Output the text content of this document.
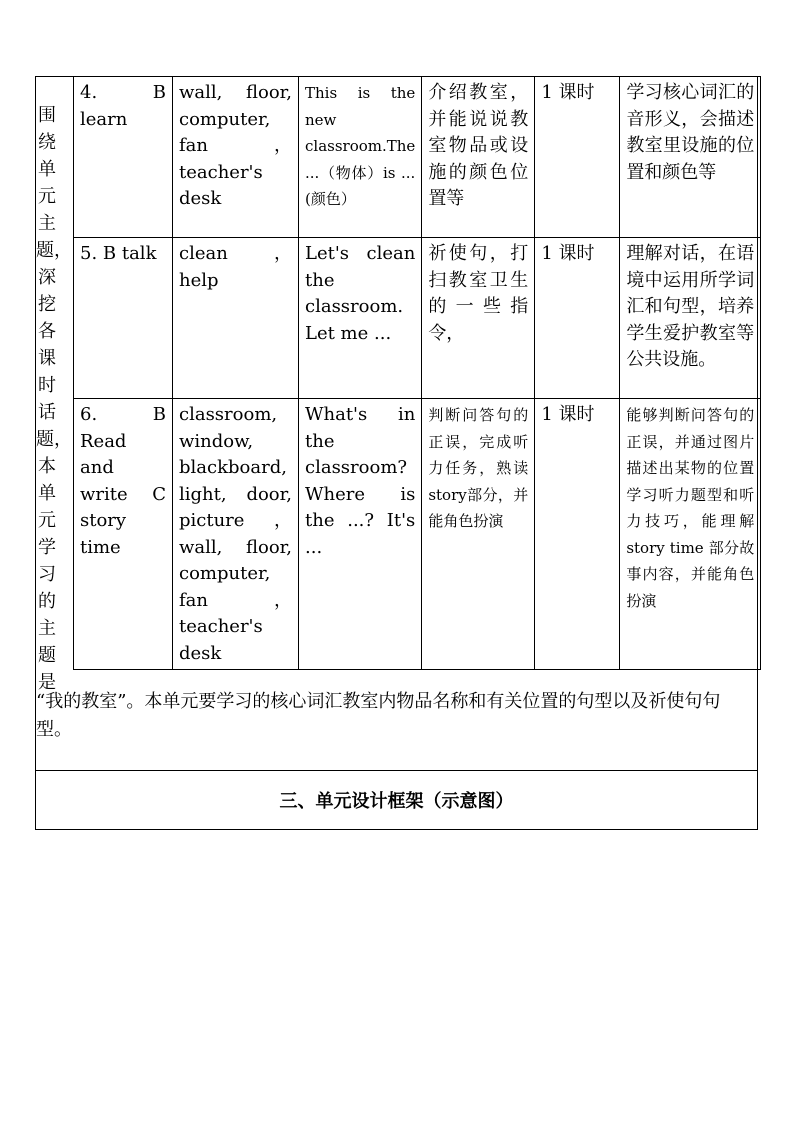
围
绕
单
元
主
题，
深
挖
各
课
时
话
题，
本
单
元
学
习
的
主
题
是
4. B learn	wall, floor, computer, fan，teacher's desk	This is the new classroom.The ...（物体）is ...(颜色）	介绍教室，并能说说教室物品或设施的颜色位置等	1 课时	学习核心词汇的音形义，会描述教室里设施的位置和颜色等
5. B talk	clean ， help	Let's clean the classroom. Let me ...	祈使句，打扫教室卫生的一些指令，	1 课时	理解对话，在语境中运用所学词汇和句型，培养学生爱护教室等公共设施。
6. B Read and write C story time	classroom, window, blackboard, light, door, picture ， wall, floor, computer, fan，teacher's desk	What's in the classroom? Where is the ...? It's ...	判断问答句的正误，完成听力任务，熟读story部分，并能角色扮演	1 课时	能够判断问答句的正误，并通过图片描述出某物的位置学习听力题型和听力技巧，能理解 story time 部分故事内容，并能角色扮演
“我的教室”。本单元要学习的核心词汇教室内物品名称和有关位置的句型以及祈使句句型。
三、单元设计框架（示意图）
